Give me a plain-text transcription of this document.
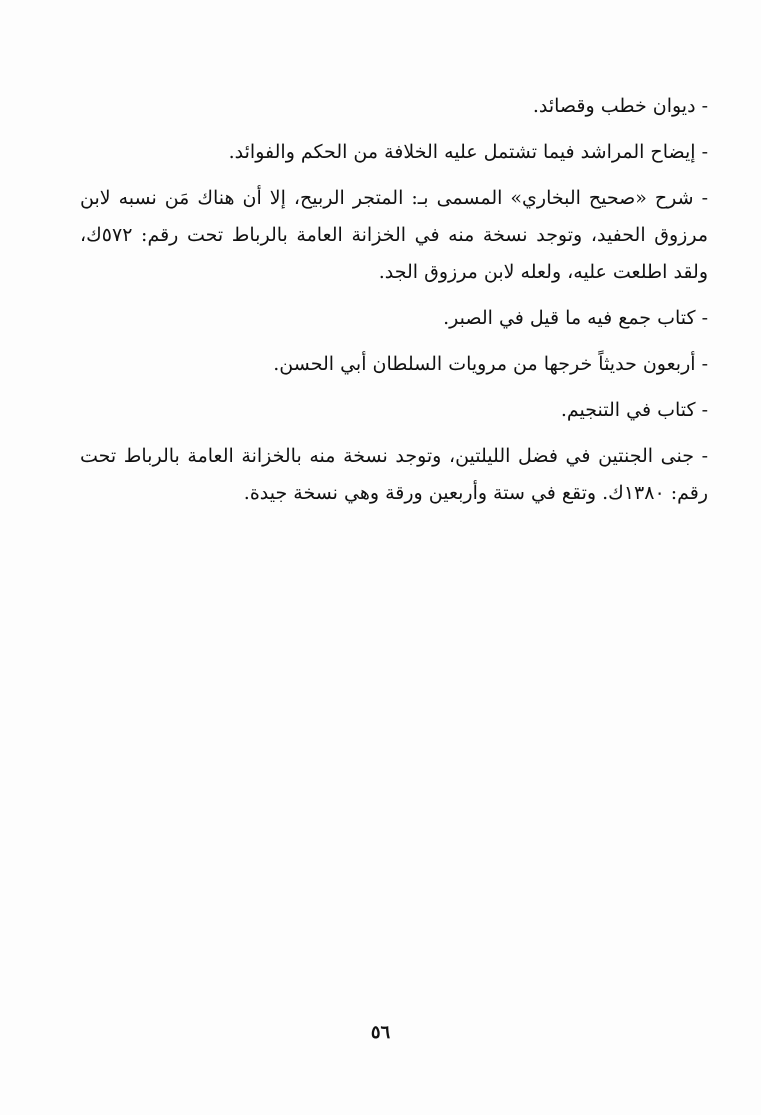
- ديوان خطب وقصائد.

- إيضاح المراشد فيما تشتمل عليه الخلافة من الحكم والفوائد.

- شرح «صحيح البخاري» المسمى بـ: المتجر الربيح، إلا أن هناك مَن نسبه لابن مرزوق الحفيد، وتوجد نسخة منه في الخزانة العامة بالرباط تحت رقم: ٥٧٢ك، ولقد اطلعت عليه، ولعله لابن مرزوق الجد.

- كتاب جمع فيه ما قيل في الصبر.

- أربعون حديثاً خرجها من مرويات السلطان أبي الحسن.

- كتاب في التنجيم.

- جنى الجنتين في فضل الليلتين، وتوجد نسخة منه بالخزانة العامة بالرباط تحت رقم: ١٣٨٠ك. وتقع في ستة وأربعين ورقة وهي نسخة جيدة.

٥٦
